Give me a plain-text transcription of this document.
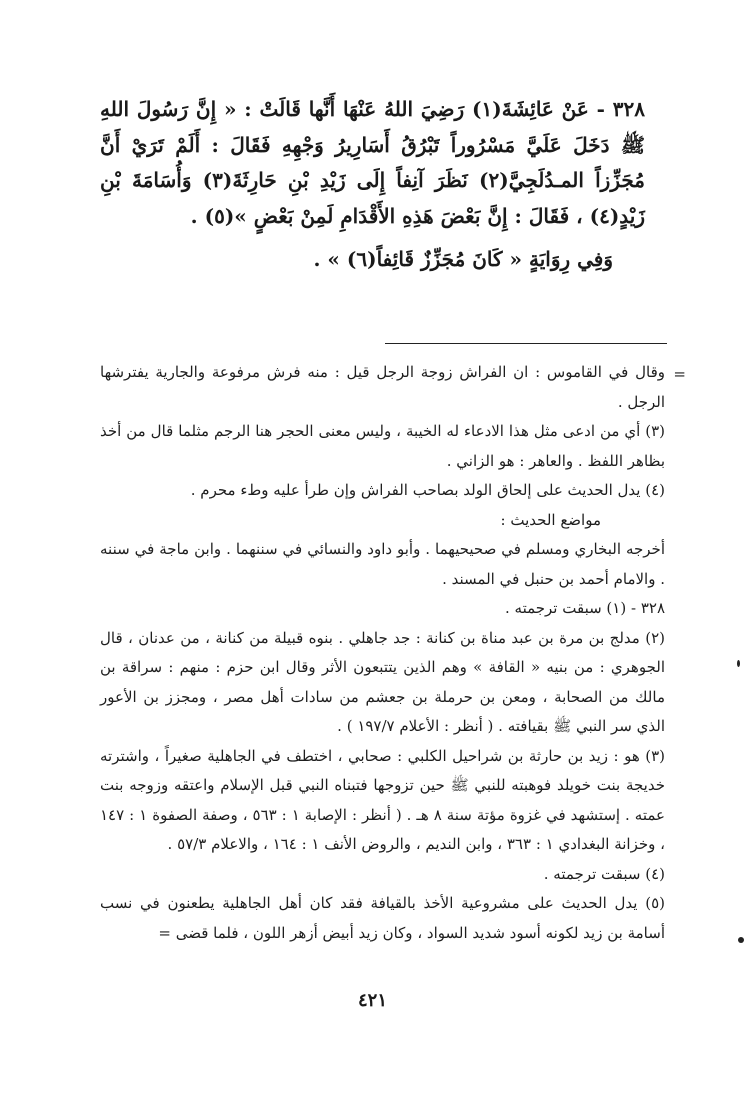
٣٢٨ - عَنْ عَائِشَةَ(١) رَضِيَ اللهُ عَنْهَا أَنَّها قَالَتْ : « إِنَّ رَسُولَ اللهِ ﷺ دَخَلَ عَلَيَّ مَسْرُوراً تَبْرُقُ أَسَارِيرُ وَجْهِهِ فَقَالَ : أَلَمْ تَرَيْ أَنَّ مُجَزِّزاً المـدُلَجِيَّ(٢) نَظَرَ آنِفاً إِلَى زَيْدِ بْنِ حَارِثَةَ(٣) وَأُسَامَةَ بْنِ زَيْدٍ(٤) ، فَقَالَ : إِنَّ بَعْضَ هَذِهِ الأَقْدَامِ لَمِنْ بَعْضٍ »(٥) .

وَفِي رِوَايَةٍ « كَانَ مُجَزِّزٌ قَائِفاً(٦) » .

=

وقال في القاموس : ان الفراش زوجة الرجل قيل : منه فرش مرفوعة والجارية يفترشها الرجل .

(٣) أي من ادعى مثل هذا الادعاء له الخيبة ، وليس معنى الحجر هنا الرجم مثلما قال من أخذ بظاهر اللفظ . والعاهر : هو الزاني .

(٤) يدل الحديث على إلحاق الولد بصاحب الفراش وإن طرأ عليه وطء محرم .

مواضع الحديث :

أخرجه البخاري ومسلم في صحيحيهما . وأبو داود والنسائي في سننهما . وابن ماجة في سننه . والامام أحمد بن حنبل في المسند .

٣٢٨ - (١) سبقت ترجمته .

(٢) مدلج بن مرة بن عبد مناة بن كنانة : جد جاهلي . بنوه قبيلة من كنانة ، من عدنان ، قال الجوهري : من بنيه « القافة » وهم الذين يتتبعون الأثر وقال ابن حزم : منهم : سراقة بن مالك من الصحابة ، ومعن بن حرملة بن جعشم من سادات أهل مصر ، ومجزز بن الأعور الذي سر النبي ﷺ بقيافته . ( أنظر : الأعلام ١٩٧/٧ ) .

(٣) هو : زيد بن حارثة بن شراحيل الكلبي : صحابي ، اختطف في الجاهلية صغيراً ، واشترته خديجة بنت خويلد فوهبته للنبي ﷺ حين تزوجها فتبناه النبي قبل الإسلام واعتقه وزوجه بنت عمته . إستشهد في غزوة مؤتة سنة ٨ هـ . ( أنظر : الإصابة ١ : ٥٦٣ ، وصفة الصفوة ١ : ١٤٧ ، وخزانة البغدادي ١ : ٣٦٣ ، وابن النديم ، والروض الأنف ١ : ١٦٤ ، والاعلام ٥٧/٣ .

(٤) سبقت ترجمته .

(٥) يدل الحديث على مشروعية الأخذ بالقيافة فقد كان أهل الجاهلية يطعنون في نسب أسامة بن زيد لكونه أسود شديد السواد ، وكان زيد أبيض أزهر اللون ، فلما قضى =

٤٢١
